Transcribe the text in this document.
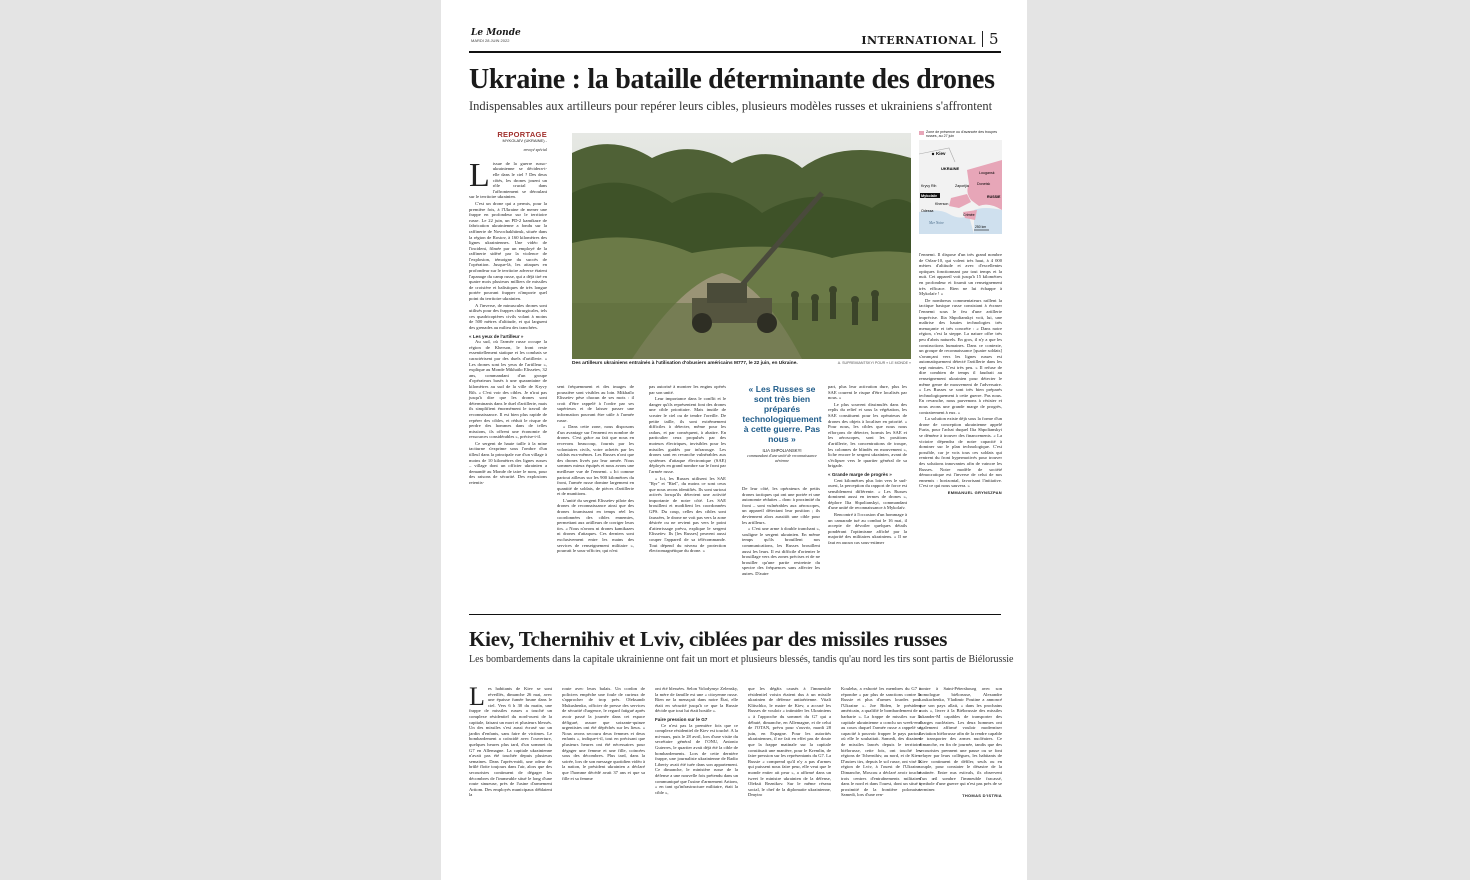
Le Monde
MARDI 28 JUIN 2022	INTERNATIONAL 5
Ukraine : la bataille déterminante des drones
Indispensables aux artilleurs pour repérer leurs cibles, plusieurs modèles russes et ukrainiens s'affrontent
REPORTAGE
MYKOLAÏV (UKRAINE) -
envoyé spécial

Lissue de la guerre russo-ukrainienne se décidera-t-elle dans le ciel ? Des deux côtés, les drones jouent un rôle crucial dans l'affrontement se déroulant sur le territoire ukrainien.

C'est un drone qui a permis, pour la première fois, à l'Ukraine de mener une frappe en profondeur sur le territoire russe. Le 22 juin, un PD-2 kamikaze de fabrication ukrainienne a fondu sur la raffinerie de Novochakhtinsk, située dans la région de Rostov, à 160 kilomètres des lignes ukrainiennes. Une vidéo de l'incident, filmée par un employé de la raffinerie sidéré par la violence de l'explosion, témoigne du succès de l'opération. Jusque-là, les attaques en profondeur sur le territoire adverse étaient l'apanage du camp russe, qui a déjà tiré en quatre mois plusieurs milliers de missiles de croisière et balistiques de très longue portée pouvant frapper n'importe quel point du territoire ukrainien.

A l'inverse, de minuscules drones sont utilisés pour des frappes chirurgicales, tels ces quadricoptères civils volant à moins de 500 mètres d'altitude, et qui larguent des grenades au milieu des tranchées.

« Les yeux de l'artilleur »

Au sud, où l'armée russe occupe la région de Kherson, le front reste essentiellement statique et les combats se caractérisent par des duels d'artillerie. « Les drones sont les yeux de l'artilleur », explique au Monde Mikhaïlo Elisseïev, 32 ans, commandant d'un groupe d'opérateurs basés à une quarantaine de kilomètres au sud de la ville de Kryvy Rih. « C'est voir des cibles. Je n'irai pas jusqu'à dire que les drones sont déterminants dans le duel d'artillerie, mais ils simplifient énormément le travail de reconnaissance. Il est bien plus rapide de repérer des cibles, et réduit le risque de perdre des hommes dans de telles missions, ils offrent une économie de ressources considérables », précise-t-il.

Ce sergent de haute taille à la mine taciturne s'exprime sous l'ombre d'un tilleul dans la principale rue d'un village à moins de 10 kilomètres des lignes russes – village dont un officier ukrainien a demandé au Monde de taire le nom, pour des raisons de sécurité. Des explosions retentis-

Des artilleurs ukrainiens entraînés à l'utilisation d'obusiers américains M777, le 22 juin, en Ukraine.	A. SUPREMIANTSKYI POUR « LE MONDE »
Zone de présence ou d'avancée des troupes russes, au 27 juin
Kiev
UKRAINE
Zaporijia
Kryvy Rih
Mykolaïv
Kherson
Donetsk
Lougansk
Odessa
Mer Noire
Crimée
RUSSIE
250 km

sent fréquemment et des images de poussière sont visibles au loin. Mikhaïlo Elisseïev pèse chacun de ses mots : il croit d'être rappelé à l'ordre par ses supérieurs et de laisser passer une information pouvant être utile à l'armée russe.

« Dans cette zone, nous disposons d'un avantage sur l'ennemi en nombre de drones. C'est grâce au fait que nous en recevons beaucoup, fournis par les volontaires civils, votre achetés par les soldats eux-mêmes. Les Russes n'ont que des drones livrés par leur armée. Nous sommes mieux équipés et nous avons une meilleure vue de l'ennemi. » Ici comme partout ailleurs sur les 900 kilomètres du front, l'armée russe domine largement en quantité de soldats, de pièces d'artillerie et de munitions.

L'unité du sergent Elisseïev pilote des drones de reconnaissance ainsi que des drones fournissant en temps réel les coordonnées des cibles ennemies, permettant aux artilleurs de corriger leurs tirs. « Nous n'avons ni drones kamikazes ni drones d'attaques. Ces derniers sont exclusivement entre les mains des services de renseignement militaire », pourrait le sous-officier, qui n'est

pas autorisé à montrer les engins opérés par son unité.

Leur importance dans le conflit et le danger qu'ils représentent font des drones une cible prioritaire. Mais inutile de scruter le ciel ou de tendre l'oreille. De petite taille, ils sont extrêmement difficiles à détecter, même pour les radars, et par conséquent, à abattre. En particulier ceux propulsés par des moteurs électriques, invisibles pour les missiles guidés par infrarouge. Les drones sont en revanche vulnérables aux systèmes d'attaque électronique (SAE) déployés en grand nombre sur le front par l'armée russe.

« Ici, les Russes utilisent les SAE "Ryr" et "Rtel", du moins ce sont ceux que nous avons identifiés. Ils sont surtout activés lorsqu'ils détectent une activité importante de notre côté. Les SAE brouillent et modifient les coordonnées GPS. Du coup, celles des cibles sont faussées, le drone ne voit pas vers la zone désirée ou ne revient pas vers le point d'atterrissage prévu, explique le sergent Elisseïev. Ils [les Russes] peuvent aussi couper l'appareil de sa télécommande. Tout dépend du niveau de protection électromagnétique du drone. »

« Les Russes se sont très bien préparés technologiquement à cette guerre. Pas nous »
ILIA SHPOLIANSKYI
commandant d'une unité de reconnaissance aérienne

De leur côté, les opérateurs de petits drones tactiques qui ont une portée et une autonomie réduites – donc à proximité du front – sont vulnérables aux aéroscopes, un appareil détectant leur position ; ils deviennent alors aussitôt une cible pour les artilleurs.

« C'est une arme à double tranchant », souligne le sergent ukrainien. En même temps qu'ils brouillent nos communications, les Russes brouillent aussi les leurs. Il est difficile d'orienter le brouillage vers des zones précises et de ne brouiller qu'une partie restreinte du spectre des fréquences sans affecter les autres. D'autre

part, plus leur activation dure, plus les SAE courent le risque d'être localisés par nous. »

Le plus souvent dissimulés dans des replis du relief et sous la végétation, les SAE constituent pour les opérateurs de drones des objets à localiser en priorité. « Pour nous, les cibles que nous nous efforçons de détecter, hormis les SAE et les aéroscopes, sont les positions d'artillerie, les concentrations de troupe, les colonnes de blindés en mouvement », liche encore le sergent ukrainien, avant de s'éclipser vers le quartier général de sa brigade.

« Grande marge de progrès »

Cent kilomètres plus loin vers le sud-ouest, la perception du rapport de force est sensiblement différente. « Les Russes dominent aussi en termes de drones », déplore Ilia Shpolianskyi, commandant d'une unité de reconnaissance à Mykolaïv.

Rencontré à l'occasion d'un hommage à un camarade tué au combat le 16 mai, il accepte de dévoiler quelques détails pondérant l'optimisme affiché par la majorité des militaires ukrainiens. « Il ne faut en aucun cas sous-estimer

l'ennemi. Il dispose d'un très grand nombre de Orlan-10, qui volent très haut, à 4 000 mètres d'altitude et avec d'excellentes optiques fonctionnant par tout temps et la nuit. Cet appareil voit jusqu'à 15 kilomètres en profondeur et fournit un renseignement très efficace. Rien ne lui échappe à Mykolaïv ! »

De nombreux commentateurs raillent la tactique basique russe consistant à écraser l'ennemi sous le feu d'une artillerie imprécise. Ilia Shpolianskyi voit, lui, une maîtrise des hautes technologies très menaçante et très concrète : « Dans notre région, c'est la steppe. La nature offre très peu d'abris naturels. En gros, il n'y a que les constructions humaines. Dans ce contexte, un groupe de reconnaissance [quatre soldats] s'avançant vers les lignes russes est automatiquement détecté l'artillerie dans les sept minutes. C'est très peu. » Il refuse de dire combien de temps il faudrait au renseignement ukrainien pour détecter le même genre de mouvement de l'adversaire. « Les Russes se sont très bien préparés technologiquement à cette guerre. Pas nous. En revanche, nous parvenons à résister et nous avons une grande marge de progrès, contrairement à eux. »

La solution existe déjà sous la forme d'un drone de conception ukrainienne appelé Furia, pour l'achat duquel Ilia Shpolianskyi se démène à trouver des financements. « La victoire dépendra de notre capacité à dominer sur le plan technologique. C'est possible, car je vois tous ces soldats qui rentrent du front hypermotivés pour trouver des solutions innovantes afin de vaincre les Russes. Notre modèle de société démocratique est l'inverse de celui de nos ennemis : horizontal, favorisant l'initiative. C'est ce qui nous sauvera. »

EMMANUEL GRYNSZPAN
Kiev, Tchernihiv et Lviv, ciblées par des missiles russes
Les bombardements dans la capitale ukrainienne ont fait un mort et plusieurs blessés, tandis qu'au nord les tirs sont partis de Biélorussie

Les habitants de Kiev se sont réveillés, dimanche 26 mai, avec une épaisse fumée brune dans le ciel. Vers 6 h 30 du matin, une frappe de missiles russes a touché un complexe résidentiel du nord-ouest de la capitale, faisant un mort et plusieurs blessés. Un des missiles s'est aussi écrasé sur un jardin d'enfants, sans faire de victimes. Le bombardement a coïncidé avec l'ouverture, quelques heures plus tard, d'un sommet du G7 en Allemagne. La capitale ukrainienne n'avait pas été touchée depuis plusieurs semaines. Dans l'après-midi, une odeur de brûlé flotte toujours dans l'air, alors que des secouristes continuent de dégager les décombres de l'immeuble situé le long d'une route sinueuse, près de l'usine d'armement Artiom. Des employés municipaux déblaient la

route avec leurs balais. Un cordon de policiers empêche une foule de curieux de s'approcher de trop près. Oleksandr Mukushenko, officier de presse des services de sécurité d'urgence, le regard fatigué après avoir passé la journée dans cet espace défiguré, assure que soixante-quinze urgentistes ont été dépêchés sur les lieux. « Nous avons secouru deux femmes et deux enfants », indique-t-il, tout en précisant que plusieurs heures ont été nécessaires pour dégager une femme et une fille, coincées sous des décombres. Plus tard, dans la soirée, lors de son message quotidien vidéo à la nation, le président ukrainien a déclaré que l'homme décédé avait 37 ans et que sa fille et sa femme

ont été blessées. Selon Volodymyr Zelensky, la mère de famille est une « citoyenne russe. Rien ne la menaçait dans notre État, elle était en sécurité jusqu'à ce que la Russie décide que tout lui était hostile ».

Faire pression sur le G7

Ce n'est pas la première fois que ce complexe résidentiel de Kiev est touché. A la mi-mars, puis le 28 avril, lors d'une visite du secrétaire général de l'ONU, Antonio Guterres, le quartier avait déjà été la cible de bombardements. Lors de cette dernière frappe, une journaliste ukrainienne de Radio Liberty avait été tuée dans son appartement. Ce dimanche, le ministère russe de la défense a une nouvelle fois prétendu dans un communiqué que l'usine d'armement Artiom, « en tant qu'infrastructure militaire, était la cible »,

que les dégâts causés à l'immeuble résidentiel voisin étaient dus à un missile ukrainien de défense antiaérienne. Vitali Klitschko, le maire de Kiev, a accusé les Russes de vouloir « intimider les Ukrainiens » à l'approche du sommet du G7 qui a débuté, dimanche, en Allemagne, et de celui de l'OTAN, prévu pour s'ouvrir, mardi 28 juin, en Espagne. Pour les autorités ukrainiennes, il ne fait en effet pas de doute que la frappe matinale sur la capitale constituait une manière, pour le Kremlin, de faire pression sur les représentants du G7. La Russie « comprend qu'il n'y a pas d'armes qui puissent nous faire peur, elle veut que le monde entier ait peur », a affirmé dans un tweet le ministre ukrainien de la défense, Oleksii Reznikov. Sur le même réseau social, le chef de la diplomatie ukrainienne, Dmytro

Kouleba, a exhorté les membres du G7 à répondre « par plus de sanctions contre la Russie et plus d'armes lourdes pour l'Ukraine ». Joe Biden, le président américain, a qualifié le bombardement de « barbarie ». La frappe de missiles sur la capitale ukrainienne a conclu un week-end au cours duquel l'armée russe a rappelé sa capacité à pouvoir frapper le pays partout où elle le souhaitait. Samedi, des dizaines de missiles lancés depuis le territoire biélorusse, cette fois, ont touché les régions de Tchernihiv, au nord, et de Kiev. D'autres tirs, depuis le sol russe, ont visé la région de Lviv, à l'ouest de l'Ukraine. Dimanche, Moscou a déclaré avoir touché trois centres d'entraînements militaires dans le nord et dans l'ouest, dont un situé à proximité de la frontière polonaise. Samedi, lors d'une ren-

contre à Saint-Pétersbourg avec son homologue biélorusse, Alexandre Loukachenko, Vladimir Poutine a annoncé que son pays allait, « dans les prochains mois », livrer à la Biélorussie des missiles Iskander-M capables de transporter des charges nucléaires. Les deux hommes ont également affirmé vouloir moderniser l'aviation biélorusse afin de la rendre capable de transporter des armes nucléaires. Ce dimanche, en fin de journée, tandis que des secouristes prennent une pause ou se font relayer par leurs collègues, les habitants de Kiev continuent de défiler, seuls ou en couple, pour constater le désastre de la matinée. Entre nus estivals, ils observent d'un œil sombre l'immeuble fracassé, symbole d'une guerre qui n'est pas près de se terminer.

THOMAS D'ISTRIA
